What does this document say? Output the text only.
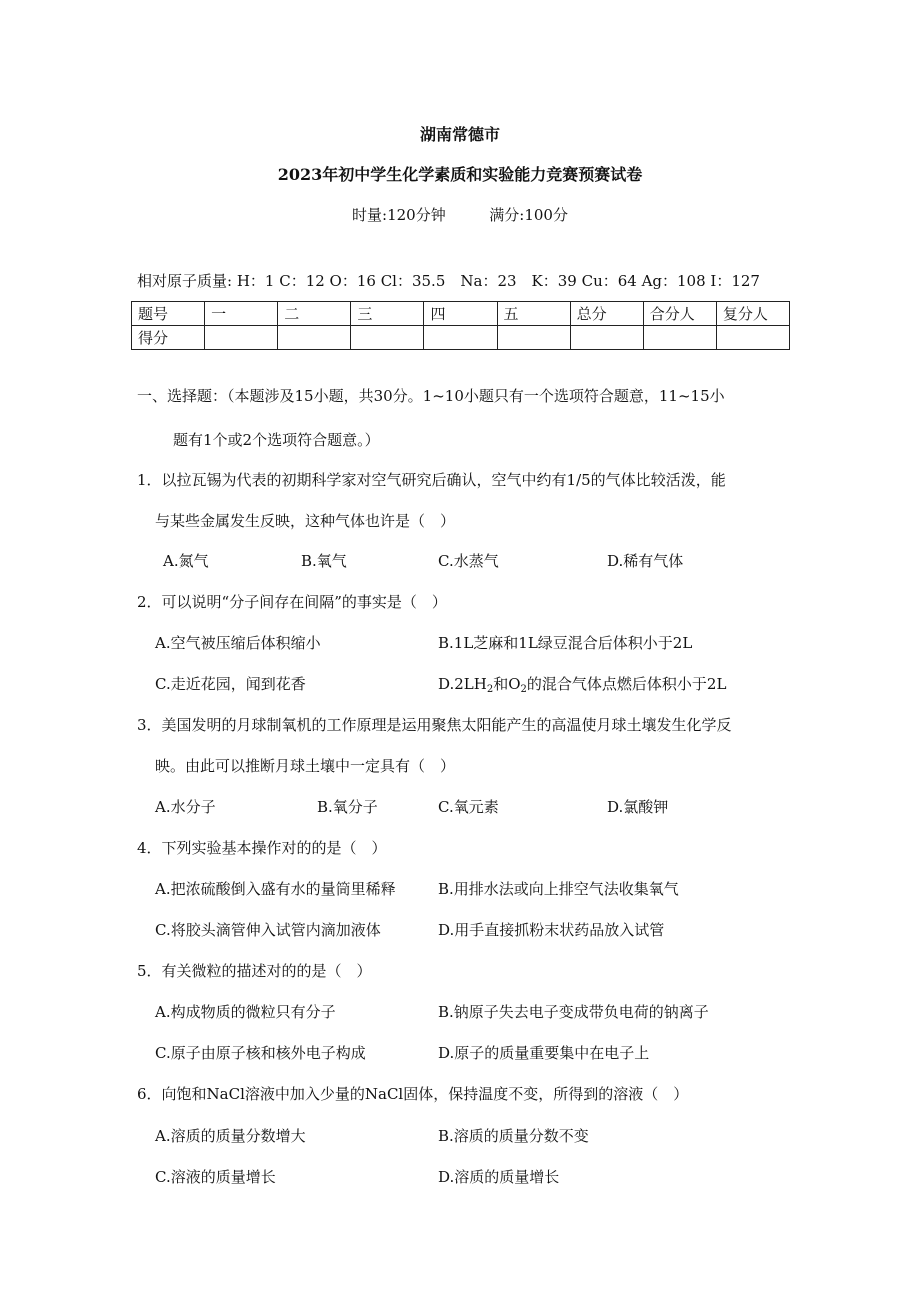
湖南常德市
2023年初中学生化学素质和实验能力竞赛预赛试卷
时量:120分钟	满分:100分
相对原子质量: H：1 C：12 O：16 Cl：35.5　Na：23　K：39 Cu：64 Ag：108 I：127
题号	一	二	三	四	五	总分	合分人	复分人
得分								
一、选择题：（本题涉及15小题，共30分。1~10小题只有一个选项符合题意，11~15小
题有1个或2个选项符合题意。）
1．以拉瓦锡为代表的初期科学家对空气研究后确认，空气中约有1/5的气体比较活泼，能
与某些金属发生反映，这种气体也许是（　）
A.氮气	B.氧气	C.水蒸气	D.稀有气体
2．可以说明“分子间存在间隔”的事实是（　）
A.空气被压缩后体积缩小	B.1L芝麻和1L绿豆混合后体积小于2L
C.走近花园，闻到花香	$D.2LH_2$和$O_2$的混合气体点燃后体积小于2L
3．美国发明的月球制氧机的工作原理是运用聚焦太阳能产生的高温使月球土壤发生化学反
映。由此可以推断月球土壤中一定具有（　）
A.水分子	B.氧分子	C.氧元素	D.氯酸钾
4．下列实验基本操作对的的是（　）
A.把浓硫酸倒入盛有水的量筒里稀释	B.用排水法或向上排空气法收集氧气
C.将胶头滴管伸入试管内滴加液体	D.用手直接抓粉末状药品放入试管
5．有关微粒的描述对的的是（　）
A.构成物质的微粒只有分子	B.钠原子失去电子变成带负电荷的钠离子
C.原子由原子核和核外电子构成	D.原子的质量重要集中在电子上
6．向饱和NaCl溶液中加入少量的NaCl固体，保持温度不变，所得到的溶液（　）
A.溶质的质量分数增大	B.溶质的质量分数不变
C.溶液的质量增长	D.溶质的质量增长
